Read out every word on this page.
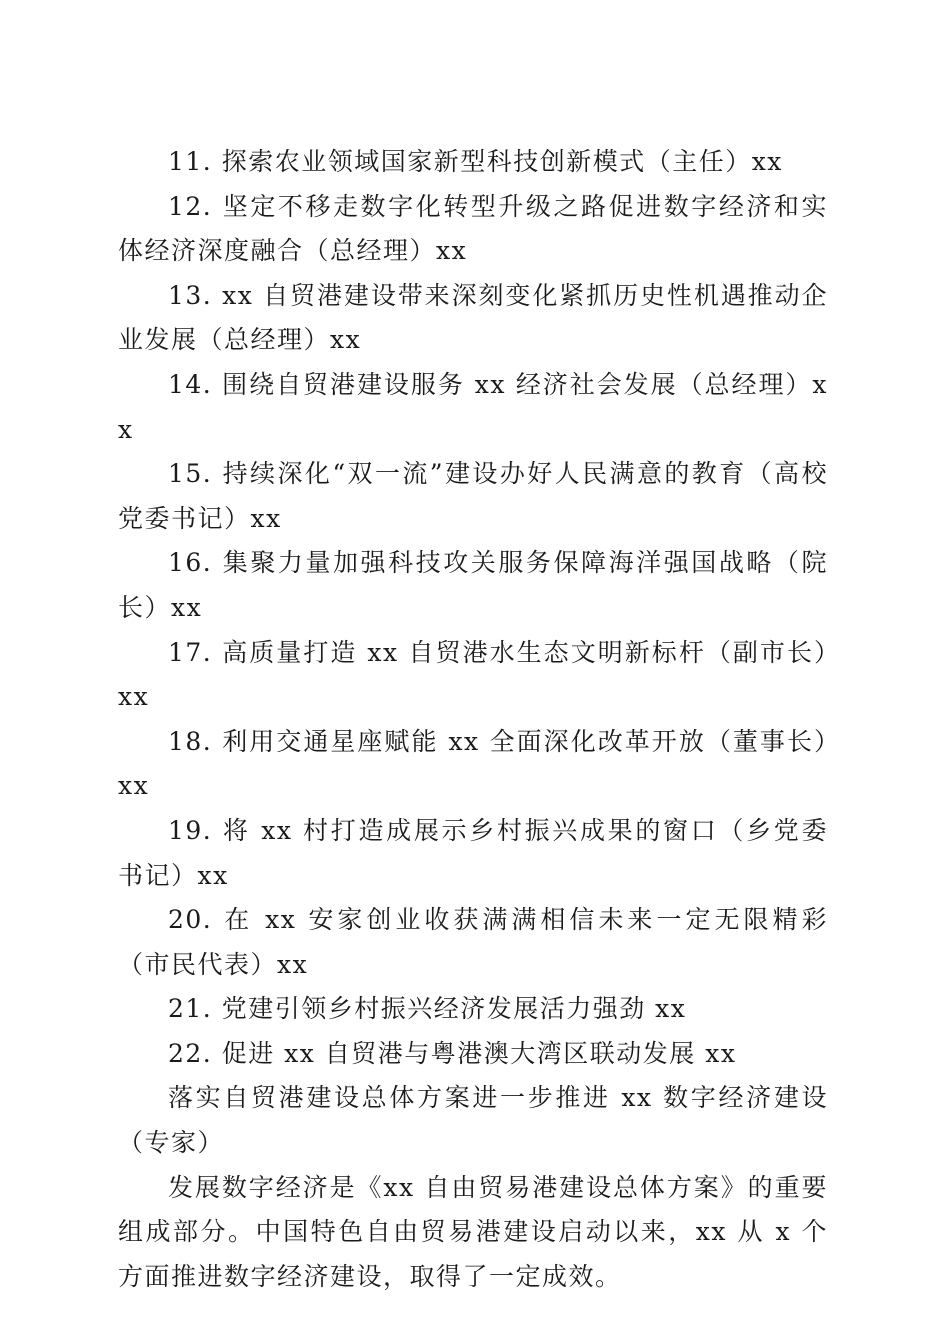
11. 探索农业领域国家新型科技创新模式（主任）xx

12. 坚定不移走数字化转型升级之路促进数字经济和实体经济深度融合（总经理）xx

13. xx 自贸港建设带来深刻变化紧抓历史性机遇推动企业发展（总经理）xx

14. 围绕自贸港建设服务 xx 经济社会发展（总经理）xx

15. 持续深化“双一流”建设办好人民满意的教育（高校党委书记）xx

16. 集聚力量加强科技攻关服务保障海洋强国战略（院长）xx

17. 高质量打造 xx 自贸港水生态文明新标杆（副市长）xx

18. 利用交通星座赋能 xx 全面深化改革开放（董事长）xx

19. 将 xx 村打造成展示乡村振兴成果的窗口（乡党委书记）xx

20. 在 xx 安家创业收获满满相信未来一定无限精彩（市民代表）xx

21. 党建引领乡村振兴经济发展活力强劲 xx

22. 促进 xx 自贸港与粤港澳大湾区联动发展 xx

落实自贸港建设总体方案进一步推进 xx 数字经济建设（专家）

发展数字经济是《xx 自由贸易港建设总体方案》的重要组成部分。中国特色自由贸易港建设启动以来，xx 从 x 个方面推进数字经济建设，取得了一定成效。
